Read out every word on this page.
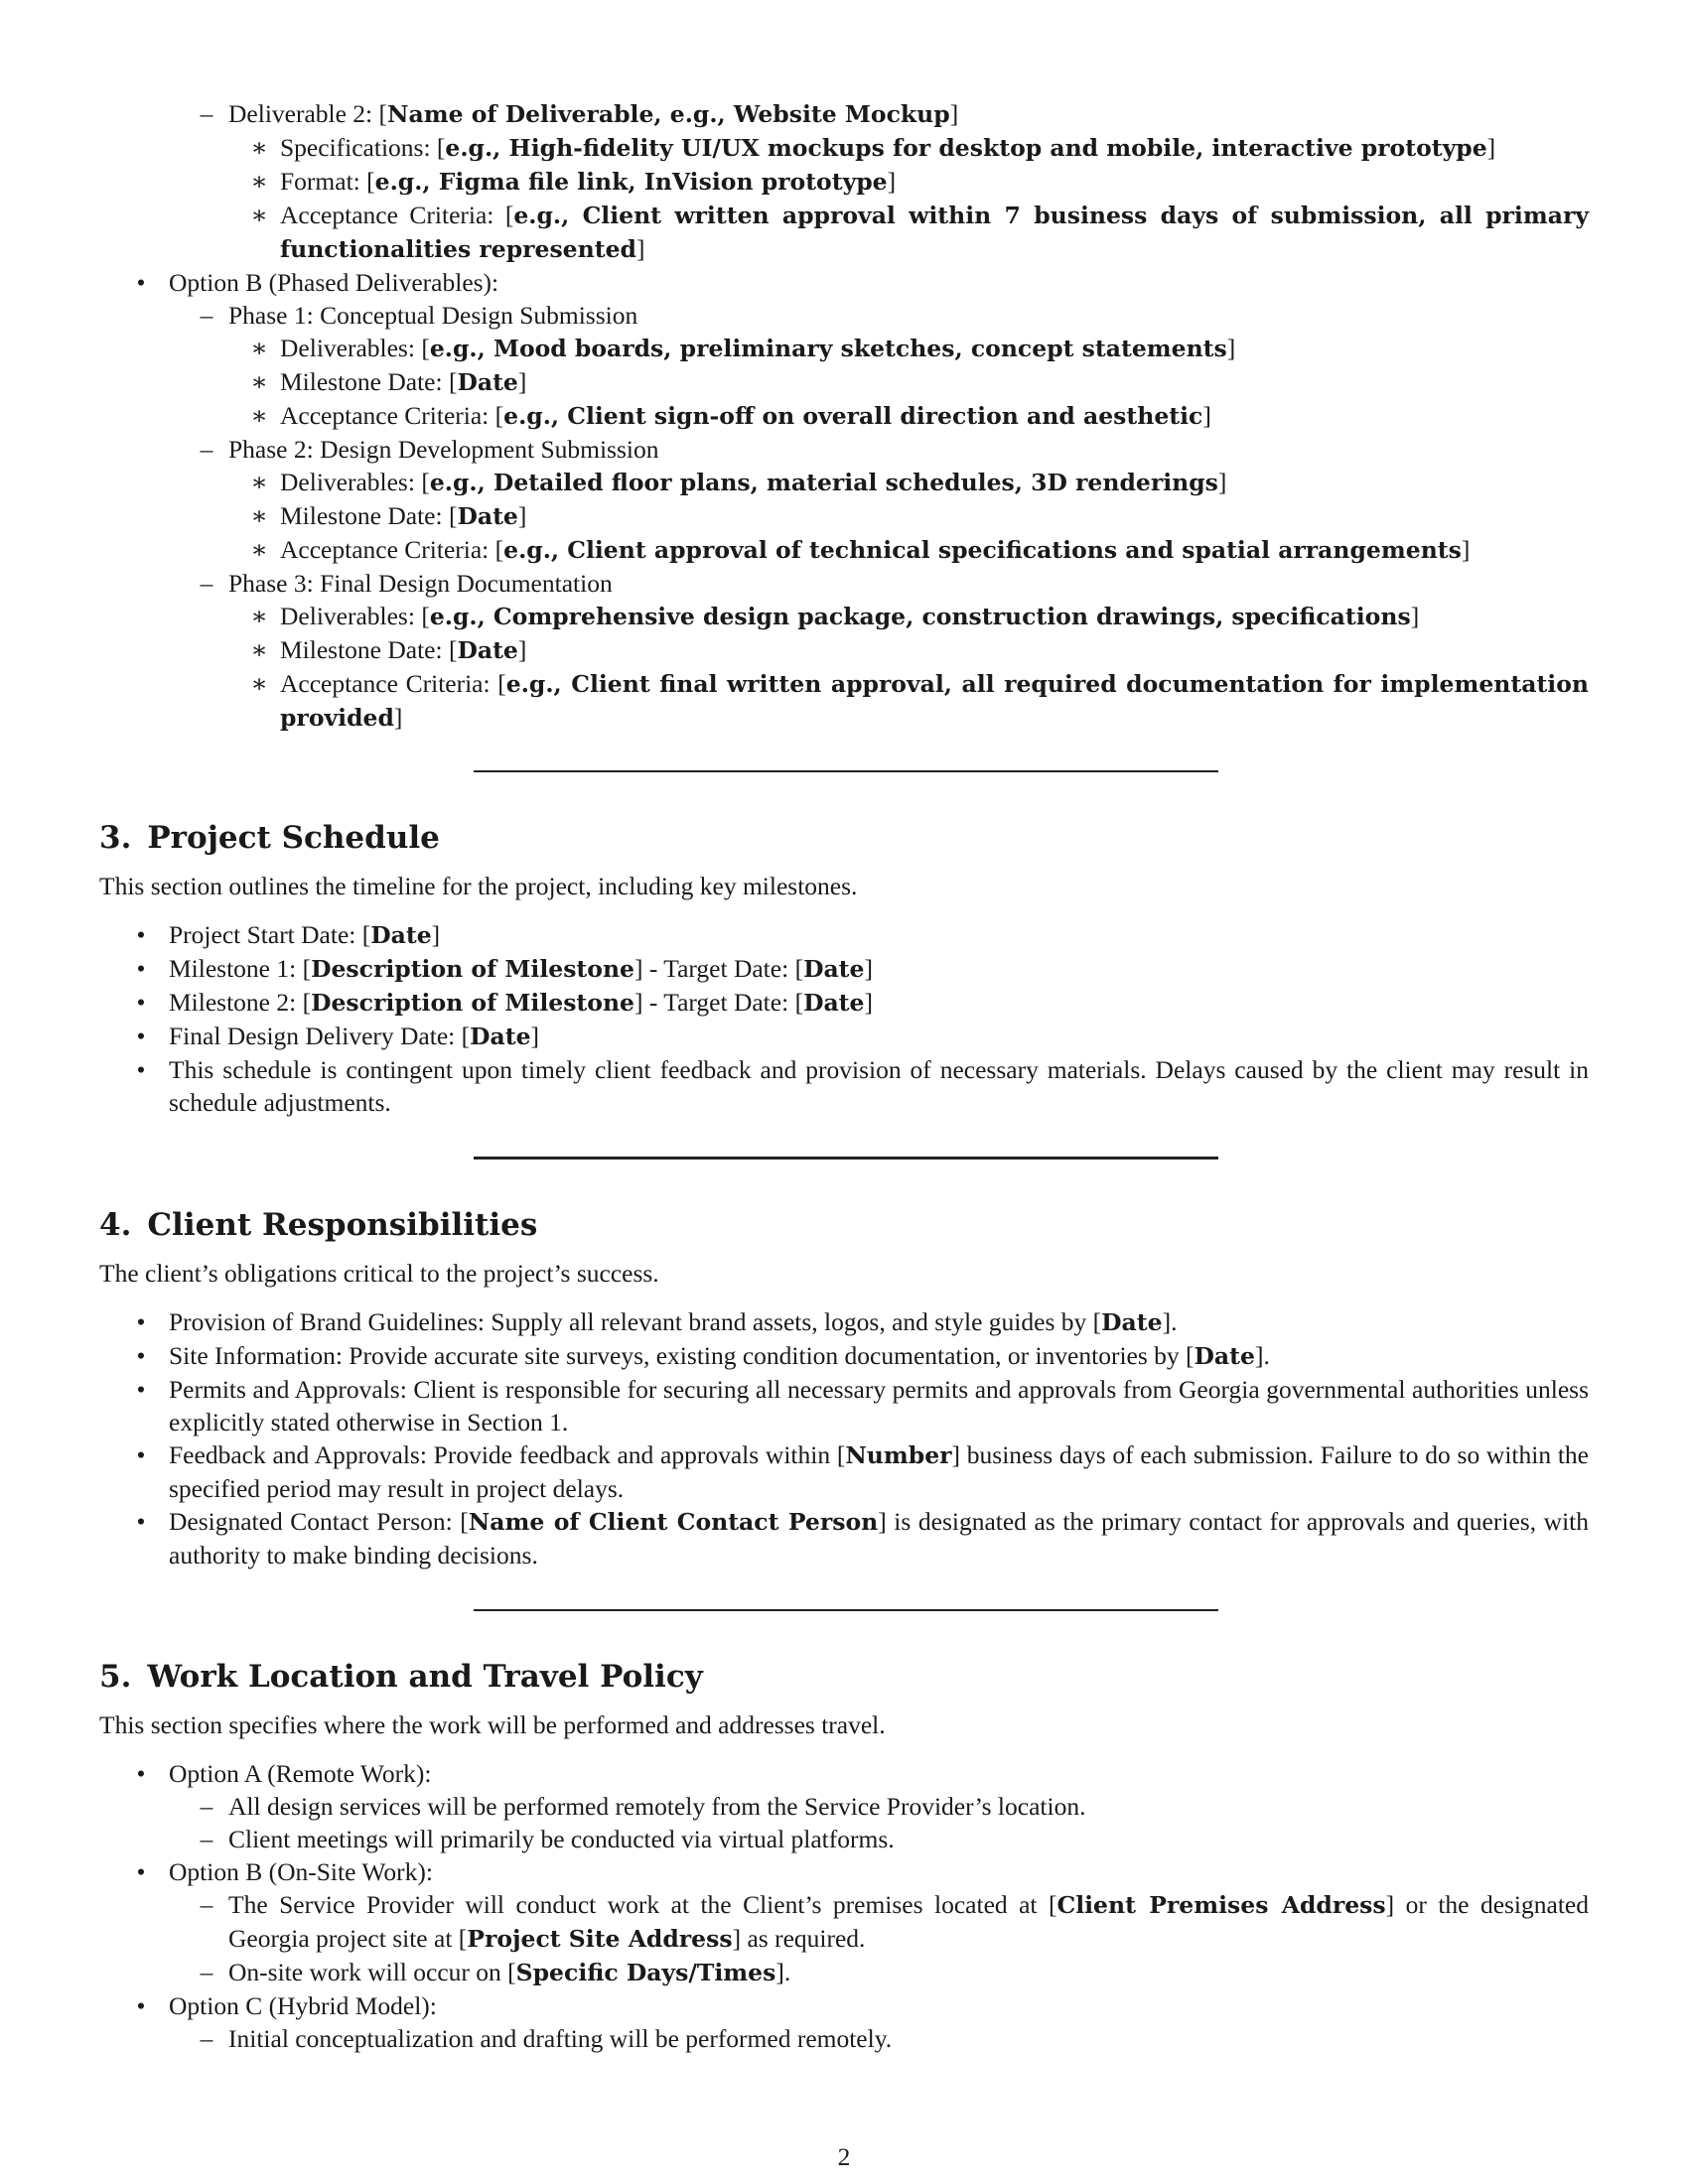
– Deliverable 2: [Name of Deliverable, e.g., Website Mockup]
∗ Specifications: [e.g., High-fidelity UI/UX mockups for desktop and mobile, interactive prototype]
∗ Format: [e.g., Figma file link, InVision prototype]
∗ Acceptance Criteria: [e.g., Client written approval within 7 business days of submission, all primary functionalities represented]
• Option B (Phased Deliverables):
– Phase 1: Conceptual Design Submission
∗ Deliverables: [e.g., Mood boards, preliminary sketches, concept statements]
∗ Milestone Date: [Date]
∗ Acceptance Criteria: [e.g., Client sign-off on overall direction and aesthetic]
– Phase 2: Design Development Submission
∗ Deliverables: [e.g., Detailed floor plans, material schedules, 3D renderings]
∗ Milestone Date: [Date]
∗ Acceptance Criteria: [e.g., Client approval of technical specifications and spatial arrangements]
– Phase 3: Final Design Documentation
∗ Deliverables: [e.g., Comprehensive design package, construction drawings, specifications]
∗ Milestone Date: [Date]
∗ Acceptance Criteria: [e.g., Client final written approval, all required documentation for implementation provided]
3. Project Schedule

This section outlines the timeline for the project, including key milestones.

• Project Start Date: [Date]
• Milestone 1: [Description of Milestone] - Target Date: [Date]
• Milestone 2: [Description of Milestone] - Target Date: [Date]
• Final Design Delivery Date: [Date]
• This schedule is contingent upon timely client feedback and provision of necessary materials. Delays caused by the client may result in schedule adjustments.
4. Client Responsibilities

The client’s obligations critical to the project’s success.

• Provision of Brand Guidelines: Supply all relevant brand assets, logos, and style guides by [Date].
• Site Information: Provide accurate site surveys, existing condition documentation, or inventories by [Date].
• Permits and Approvals: Client is responsible for securing all necessary permits and approvals from Georgia governmental authorities unless explicitly stated otherwise in Section 1.
• Feedback and Approvals: Provide feedback and approvals within [Number] business days of each submission. Failure to do so within the specified period may result in project delays.
• Designated Contact Person: [Name of Client Contact Person] is designated as the primary contact for approvals and queries, with authority to make binding decisions.
5. Work Location and Travel Policy

This section specifies where the work will be performed and addresses travel.

• Option A (Remote Work):
– All design services will be performed remotely from the Service Provider’s location.
– Client meetings will primarily be conducted via virtual platforms.
• Option B (On-Site Work):
– The Service Provider will conduct work at the Client’s premises located at [Client Premises Address] or the designated Georgia project site at [Project Site Address] as required.
– On-site work will occur on [Specific Days/Times].
• Option C (Hybrid Model):
– Initial conceptualization and drafting will be performed remotely.
2
